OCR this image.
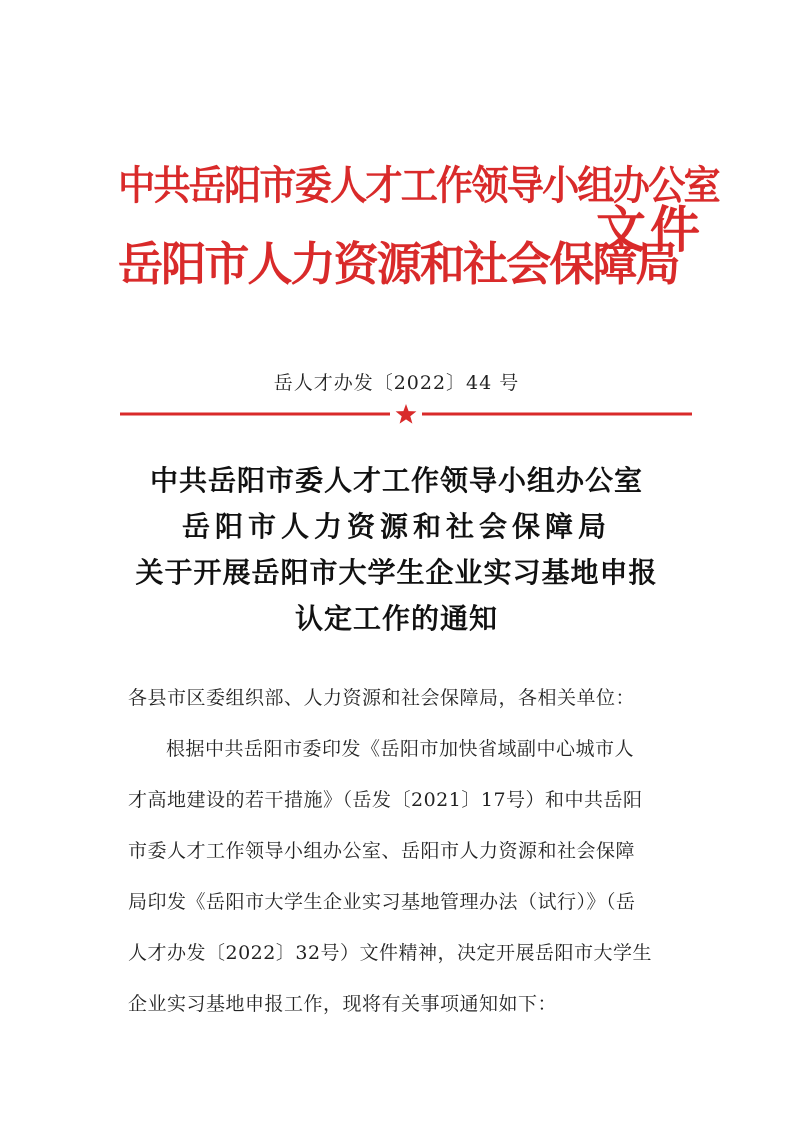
中共岳阳市委人才工作领导小组办公室
岳阳市人力资源和社会保障局
文件
岳人才办发〔2022〕44 号
中共岳阳市委人才工作领导小组办公室
岳阳市人力资源和社会保障局
关于开展岳阳市大学生企业实习基地申报
认定工作的通知
各县市区委组织部、人力资源和社会保障局，各相关单位：
根据中共岳阳市委印发《岳阳市加快省域副中心城市人
才高地建设的若干措施》（岳发〔2021〕17号）和中共岳阳
市委人才工作领导小组办公室、岳阳市人力资源和社会保障
局印发《岳阳市大学生企业实习基地管理办法（试行）》（岳
人才办发〔2022〕32号）文件精神，决定开展岳阳市大学生
企业实习基地申报工作，现将有关事项通知如下：
